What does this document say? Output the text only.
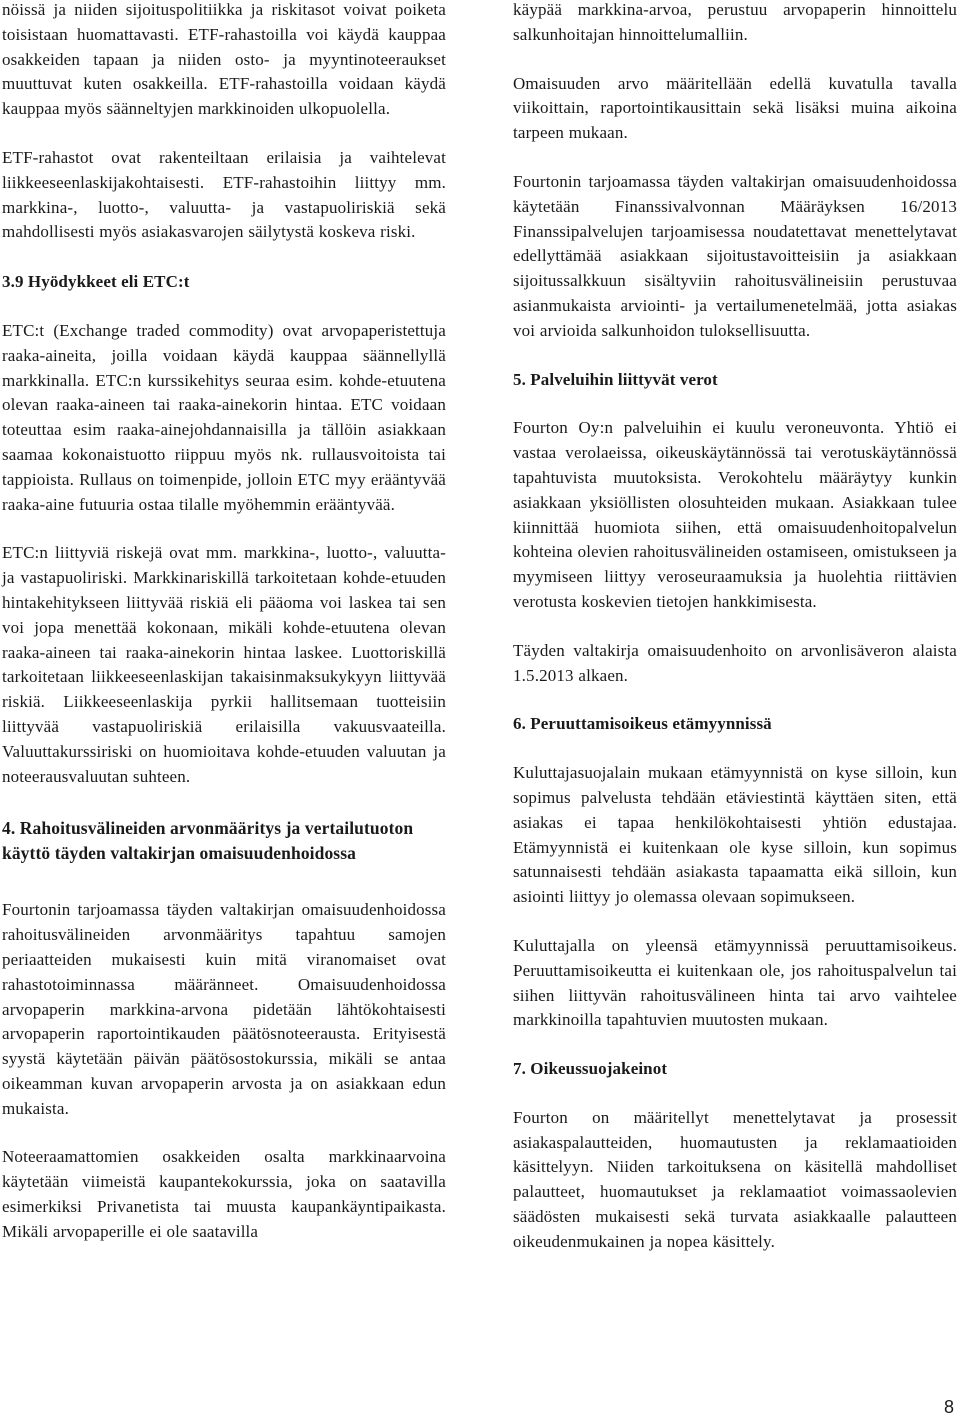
nöissä ja niiden sijoituspolitiikka ja riskitasot voivat poiketa toisistaan huomattavasti. ETF-rahastoilla voi käydä kauppaa osakkeiden tapaan ja niiden osto- ja myyntinoteeraukset muuttuvat kuten osakkeilla. ETF-rahastoilla voidaan käydä kauppaa myös säänneltyjen markkinoiden ulkopuolella.

ETF-rahastot ovat rakenteiltaan erilaisia ja vaihtelevat liikkeeseenlaskijakohtaisesti. ETF-rahastoihin liittyy mm. markkina-, luotto-, valuutta- ja vastapuoliriskiä sekä mahdollisesti myös asiakasvarojen säilytystä koskeva riski.

3.9 Hyödykkeet eli ETC:t

ETC:t (Exchange traded commodity) ovat arvopaperistettuja raaka-aineita, joilla voidaan käydä kauppaa säännellyllä markkinalla. ETC:n kurssikehitys seuraa esim. kohde-etuutena olevan raaka-aineen tai raaka-ainekorin hintaa. ETC voidaan toteuttaa esim raaka-ainejohdannaisilla ja tällöin asiakkaan saamaa kokonaistuotto riippuu myös nk. rullausvoitoista tai tappioista. Rullaus on toimenpide, jolloin ETC myy erääntyvää raaka-aine futuuria ostaa tilalle myöhemmin erääntyvää.

ETC:n liittyviä riskejä ovat mm. markkina-, luotto-, valuutta- ja vastapuoliriski. Markkinariskillä tarkoitetaan kohde-etuuden hintakehitykseen liittyvää riskiä eli pääoma voi laskea tai sen voi jopa menettää kokonaan, mikäli kohde-etuutena olevan raaka-aineen tai raaka-ainekorin hintaa laskee. Luottoriskillä tarkoitetaan liikkeeseenlaskijan takaisinmaksukykyyn liittyvää riskiä. Liikkeeseenlaskija pyrkii hallitsemaan tuotteisiin liittyvää vastapuoliriskiä erilaisilla vakuusvaateilla. Valuuttakurssiriski on huomioitava kohde-etuuden valuutan ja noteerausvaluutan suhteen.

4. Rahoitusvälineiden arvonmääritys ja vertailutuoton käyttö täyden valtakirjan omaisuudenhoidossa

Fourtonin tarjoamassa täyden valtakirjan omaisuudenhoidossa rahoitusvälineiden arvonmääritys tapahtuu samojen periaatteiden mukaisesti kuin mitä viranomaiset ovat rahastotoiminnassa määränneet. Omaisuudenhoidossa arvopaperin markkina-arvona pidetään lähtökohtaisesti arvopaperin raportointikauden päätösnoteerausta. Erityisestä syystä käytetään päivän päätösostokurssia, mikäli se antaa oikeamman kuvan arvopaperin arvosta ja on asiakkaan edun mukaista.

Noteeraamattomien osakkeiden osalta markkinaarvoina käytetään viimeistä kaupantekokurssia, joka on saatavilla esimerkiksi Privanetista tai muusta kaupankäyntipaikasta. Mikäli arvopaperille ei ole saatavilla

käypää markkina-arvoa, perustuu arvopaperin hinnoittelu salkunhoitajan hinnoittelumalliin.

Omaisuuden arvo määritellään edellä kuvatulla tavalla viikoittain, raportointikausittain sekä lisäksi muina aikoina tarpeen mukaan.

Fourtonin tarjoamassa täyden valtakirjan omaisuudenhoidossa käytetään Finanssivalvonnan Määräyksen 16/2013 Finanssipalvelujen tarjoamisessa noudatettavat menettelytavat edellyttämää asiakkaan sijoitustavoitteisiin ja asiakkaan sijoitussalkkuun sisältyviin rahoitusvälineisiin perustuvaa asianmukaista arviointi- ja vertailumenetelmää, jotta asiakas voi arvioida salkunhoidon tuloksellisuutta.

5. Palveluihin liittyvät verot

Fourton Oy:n palveluihin ei kuulu veroneuvonta. Yhtiö ei vastaa verolaeissa, oikeuskäytännössä tai verotuskäytännössä tapahtuvista muutoksista. Verokohtelu määräytyy kunkin asiakkaan yksiöllisten olosuhteiden mukaan. Asiakkaan tulee kiinnittää huomiota siihen, että omaisuudenhoitopalvelun kohteina olevien rahoitusvälineiden ostamiseen, omistukseen ja myymiseen liittyy veroseuraamuksia ja huolehtia riittävien verotusta koskevien tietojen hankkimisesta.

Täyden valtakirja omaisuudenhoito on arvonlisäveron alaista 1.5.2013 alkaen.

6. Peruuttamisoikeus etämyynnissä

Kuluttajasuojalain mukaan etämyynnistä on kyse silloin, kun sopimus palvelusta tehdään etäviestintä käyttäen siten, että asiakas ei tapaa henkilökohtaisesti yhtiön edustajaa. Etämyynnistä ei kuitenkaan ole kyse silloin, kun sopimus satunnaisesti tehdään asiakasta tapaamatta eikä silloin, kun asiointi liittyy jo olemassa olevaan sopimukseen.

Kuluttajalla on yleensä etämyynnissä peruuttamisoikeus. Peruuttamisoikeutta ei kuitenkaan ole, jos rahoituspalvelun tai siihen liittyvän rahoitusvälineen hinta tai arvo vaihtelee markkinoilla tapahtuvien muutosten mukaan.

7. Oikeussuojakeinot

Fourton on määritellyt menettelytavat ja prosessit asiakaspalautteiden, huomautusten ja reklamaatioiden käsittelyyn. Niiden tarkoituksena on käsitellä mahdolliset palautteet, huomautukset ja reklamaatiot voimassaolevien säädösten mukaisesti sekä turvata asiakkaalle palautteen oikeudenmukainen ja nopea käsittely.

8
